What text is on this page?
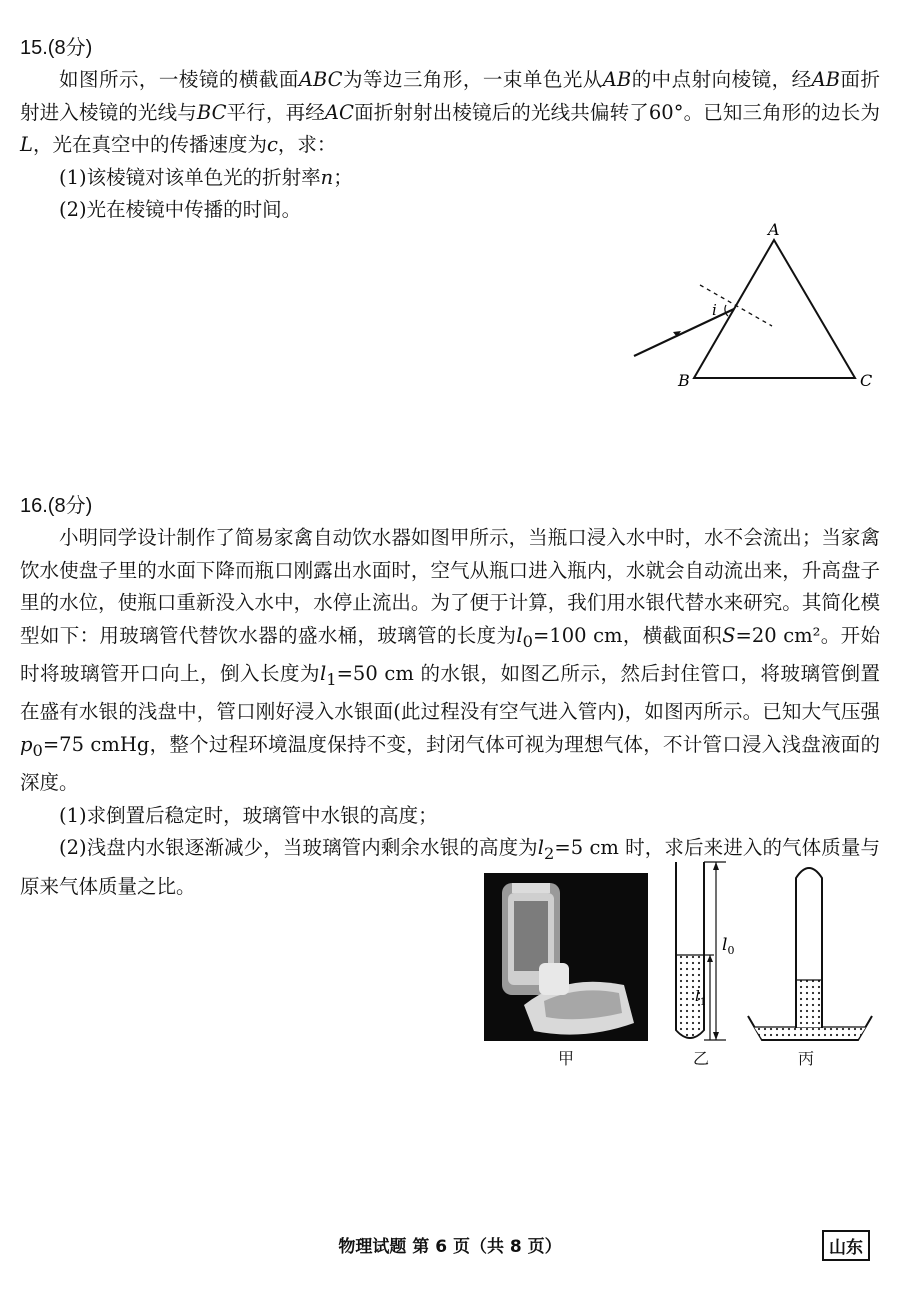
15.(8分)

如图所示，一棱镜的横截面ABC为等边三角形，一束单色光从AB的中点射向棱镜，经AB面折射进入棱镜的光线与BC平行，再经AC面折射射出棱镜后的光线共偏转了60°。已知三角形的边长为L，光在真空中的传播速度为c，求：

(1)该棱镜对该单色光的折射率n；

(2)光在棱镜中传播的时间。

i
A
B	C
16.(8分)

小明同学设计制作了简易家禽自动饮水器如图甲所示，当瓶口浸入水中时，水不会流出；当家禽饮水使盘子里的水面下降而瓶口刚露出水面时，空气从瓶口进入瓶内，水就会自动流出来，升高盘子里的水位，使瓶口重新没入水中，水停止流出。为了便于计算，我们用水银代替水来研究。其简化模型如下：用玻璃管代替饮水器的盛水桶，玻璃管的长度为$l_0=100$ cm，横截面积S=20 cm²。开始时将玻璃管开口向上，倒入长度为$l_1=50$ cm 的水银，如图乙所示，然后封住管口，将玻璃管倒置在盛有水银的浅盘中，管口刚好浸入水银面(此过程没有空气进入管内)，如图丙所示。已知大气压强$p_0=75$ cmHg，整个过程环境温度保持不变，封闭气体可视为理想气体，不计管口浸入浅盘液面的深度。

(1)求倒置后稳定时，玻璃管中水银的高度；

(2)浅盘内水银逐渐减少，当玻璃管内剩余水银的高度为$l_2=5$ cm 时，求后来进入的气体质量与原来气体质量之比。

甲
$l_0$
$l_1$
乙	丙
物理试题 第 6 页（共 8 页）	山东
